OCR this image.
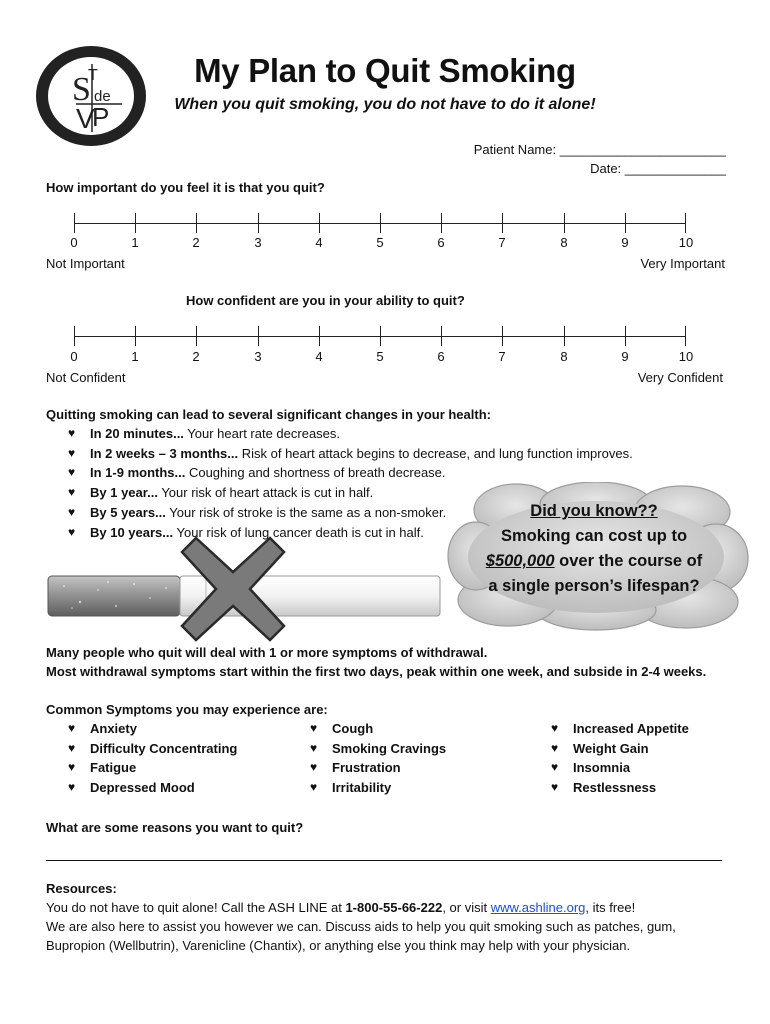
S
T
de
V
P
My Plan to Quit Smoking
When you quit smoking, you do not have to do it alone!
Patient Name: _______________________
Date: ______________
How important do you feel it is that you quit?
0	1	2	3	4	5	6	7	8	9	10
Not Important	Very Important
How confident are you in your ability to quit?
0	1	2	3	4	5	6	7	8	9	10
Not Confident	Very Confident
Quitting smoking can lead to several significant changes in your health:
♥ In 20 minutes... Your heart rate decreases.
♥ In 2 weeks – 3 months... Risk of heart attack begins to decrease, and lung function improves.
♥ In 1-9 months... Coughing and shortness of breath decrease.
♥ By 1 year... Your risk of heart attack is cut in half.
♥ By 5 years... Your risk of stroke is the same as a non-smoker.
♥ By 10 years... Your risk of lung cancer death is cut in half.
Did you know??
Smoking can cost up to
$500,000 over the course of
a single person’s lifespan?
Many people who quit will deal with 1 or more symptoms of withdrawal.
Most withdrawal symptoms start within the first two days, peak within one week, and subside in 2-4 weeks.
Common Symptoms you may experience are:
♥ Anxiety
♥ Difficulty Concentrating
♥ Fatigue
♥ Depressed Mood
♥ Cough
♥ Smoking Cravings
♥ Frustration
♥ Irritability
♥ Increased Appetite
♥ Weight Gain
♥ Insomnia
♥ Restlessness
What are some reasons you want to quit?
Resources:
You do not have to quit alone! Call the ASH LINE at 1-800-55-66-222, or visit www.ashline.org, its free!
We are also here to assist you however we can. Discuss aids to help you quit smoking such as patches, gum,
Bupropion (Wellbutrin), Varenicline (Chantix), or anything else you think may help with your physician.
